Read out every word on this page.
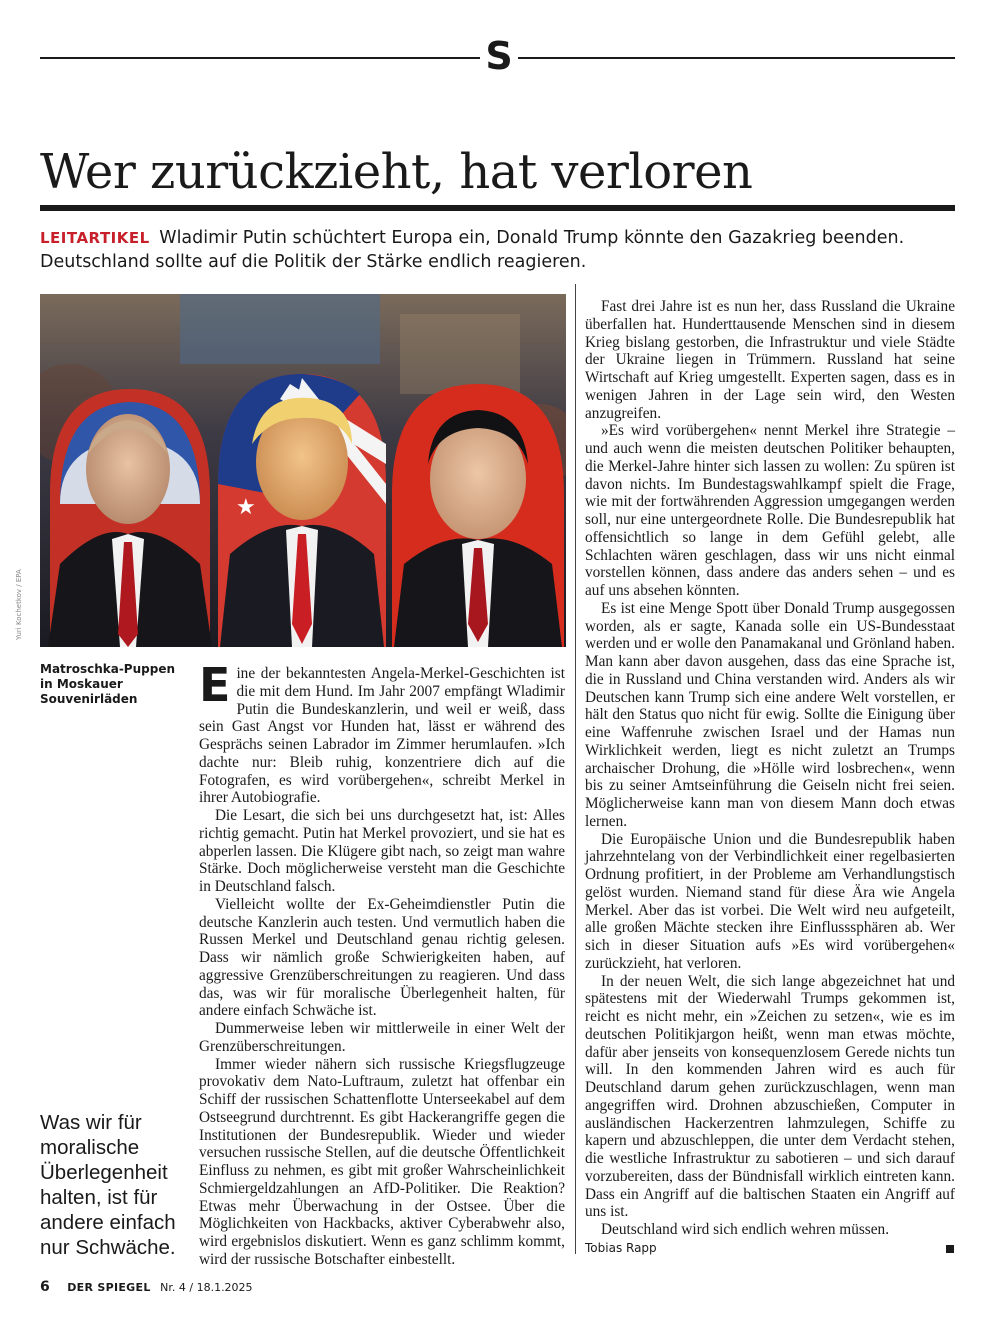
S
Wer zurückzieht, hat verloren
LEITARTIKEL Wladimir Putin schüchtert Europa ein, Donald Trump könnte den Gazakrieg beenden. Deutschland sollte auf die Politik der Stärke endlich reagieren.
★
Yuri Kochetkov / EPA
Matroschka-Puppen in Moskauer Souvenirläden	Eine der bekanntesten Angela-Merkel-Geschichten ist die mit dem Hund. Im Jahr 2007 empfängt Wladimir Putin die Bundeskanzlerin, und weil er weiß, dass sein Gast Angst vor Hunden hat, lässt er während des Gesprächs seinen Labrador im Zimmer herumlaufen. »Ich dachte nur: Bleib ruhig, konzentriere dich auf die Fotografen, es wird vorübergehen«, schreibt Merkel in ihrer Autobiografie.

Die Lesart, die sich bei uns durchgesetzt hat, ist: Alles richtig gemacht. Putin hat Merkel provoziert, und sie hat es abperlen lassen. Die Klügere gibt nach, so zeigt man wahre Stärke. Doch möglicherweise versteht man die Geschichte in Deutschland falsch.

Vielleicht wollte der Ex-Geheimdienstler Putin die deutsche Kanzlerin auch testen. Und vermutlich haben die Russen Merkel und Deutschland genau richtig gelesen. Dass wir nämlich große Schwierigkeiten haben, auf aggressive Grenzüberschreitungen zu reagieren. Und dass das, was wir für moralische Überlegenheit halten, für andere einfach Schwäche ist.

Dummerweise leben wir mittlerweile in einer Welt der Grenzüberschreitungen.

Immer wieder nähern sich russische Kriegsflugzeuge provokativ dem Nato-Luftraum, zuletzt hat offenbar ein Schiff der russischen Schattenflotte Unterseekabel auf dem Ostseegrund durchtrennt. Es gibt Hackerangriffe gegen die Institutionen der Bundesrepublik. Wieder und wieder versuchen russische Stellen, auf die deutsche Öffentlichkeit Einfluss zu nehmen, es gibt mit großer Wahrscheinlichkeit Schmiergeldzahlungen an AfD-Politiker. Die Reaktion? Etwas mehr Überwachung in der Ostsee. Über die Möglichkeiten von Hackbacks, aktiver Cyberabwehr also, wird ergebnislos diskutiert. Wenn es ganz schlimm kommt, wird der russische Botschafter einbestellt.

Fast drei Jahre ist es nun her, dass Russland die Ukraine überfallen hat. Hunderttausende Menschen sind in diesem Krieg bislang gestorben, die Infrastruktur und viele Städte der Ukraine liegen in Trümmern. Russland hat seine Wirtschaft auf Krieg umgestellt. Experten sagen, dass es in wenigen Jahren in der Lage sein wird, den Westen anzugreifen.

»Es wird vorübergehen« nennt Merkel ihre Strategie – und auch wenn die meisten deutschen Politiker behaupten, die Merkel-Jahre hinter sich lassen zu wollen: Zu spüren ist davon nichts. Im Bundestagswahlkampf spielt die Frage, wie mit der fortwährenden Aggression umgegangen werden soll, nur eine untergeordnete Rolle. Die Bundesrepublik hat offensichtlich so lange in dem Gefühl gelebt, alle Schlachten wären geschlagen, dass wir uns nicht einmal vorstellen können, dass andere das anders sehen – und es auf uns absehen könnten.

Es ist eine Menge Spott über Donald Trump ausgegossen worden, als er sagte, Kanada solle ein US-Bundesstaat werden und er wolle den Panamakanal und Grönland haben. Man kann aber davon ausgehen, dass das eine Sprache ist, die in Russland und China verstanden wird. Anders als wir Deutschen kann Trump sich eine andere Welt vorstellen, er hält den Status quo nicht für ewig. Sollte die Einigung über eine Waffenruhe zwischen Israel und der Hamas nun Wirklichkeit werden, liegt es nicht zuletzt an Trumps archaischer Drohung, die »Hölle wird losbrechen«, wenn bis zu seiner Amtseinführung die Geiseln nicht frei seien. Möglicherweise kann man von diesem Mann doch etwas lernen.

Die Europäische Union und die Bundesrepublik haben jahrzehntelang von der Verbindlichkeit einer regelbasierten Ordnung profitiert, in der Probleme am Verhandlungstisch gelöst wurden. Niemand stand für diese Ära wie Angela Merkel. Aber das ist vorbei. Die Welt wird neu aufgeteilt, alle großen Mächte stecken ihre Einflusssphären ab. Wer sich in dieser Situation aufs »Es wird vorübergehen« zurückzieht, hat verloren.

In der neuen Welt, die sich lange abgezeichnet hat und spätestens mit der Wiederwahl Trumps gekommen ist, reicht es nicht mehr, ein »Zeichen zu setzen«, wie es im deutschen Politikjargon heißt, wenn man etwas möchte, dafür aber jenseits von konsequenzlosem Gerede nichts tun will. In den kommenden Jahren wird es auch für Deutschland darum gehen zurückzuschlagen, wenn man angegriffen wird. Drohnen abzuschießen, Computer in ausländischen Hackerzentren lahmzulegen, Schiffe zu kapern und abzuschleppen, die unter dem Verdacht stehen, die westliche Infrastruktur zu sabotieren – und sich darauf vorzubereiten, dass der Bündnisfall wirklich eintreten kann. Dass ein Angriff auf die baltischen Staaten ein Angriff auf uns ist.

Deutschland wird sich endlich wehren müssen.

Was wir für moralische Überlegenheit halten, ist für andere einfach nur Schwäche.	Tobias Rapp
6 DER SPIEGEL Nr. 4 / 18.1.2025
